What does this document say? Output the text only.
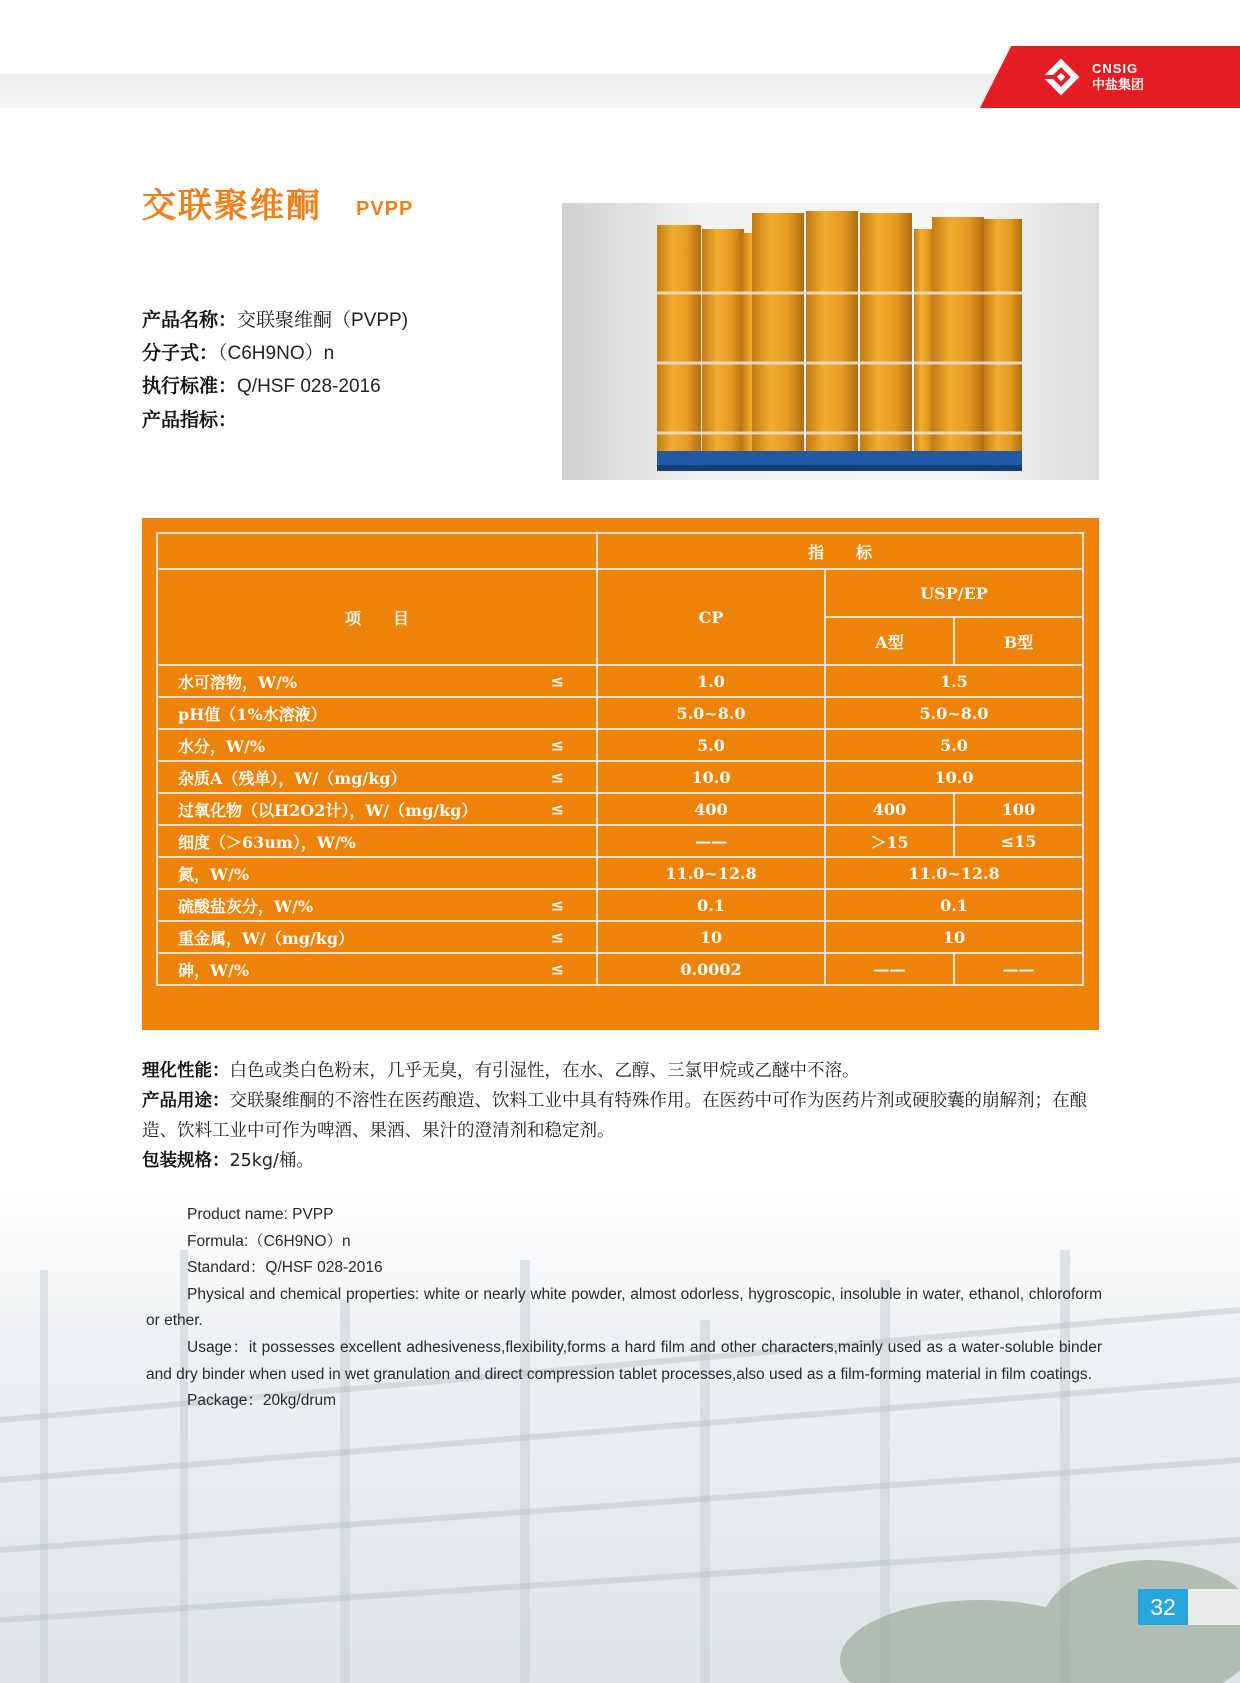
CNSIG
中盐集团
交联聚维酮 PVPP
产品名称：交联聚维酮（PVPP)
分子式：（C6H9NO）n
执行标准：Q/HSF 028-2016
产品指标：
	指　　标		
项　　目	CP	USP/EP	
		A型	B型
水可溶物，W/% ≤	1.0	1.5	
pH值（1%水溶液）	5.0~8.0	5.0~8.0	
水分，W/% ≤	5.0	5.0	
杂质A（残单），W/（mg/kg） ≤	10.0	10.0	
过氧化物（以H2O2计），W/（mg/kg） ≤	400	400	100
细度（＞63um），W/%	——	＞15	≤15
氮，W/%	11.0~12.8	11.0~12.8	
硫酸盐灰分，W/% ≤	0.1	0.1	
重金属，W/（mg/kg） ≤	10	10	
砷，W/% ≤	0.0002	——	——
理化性能：白色或类白色粉末，几乎无臭，有引湿性，在水、乙醇、三氯甲烷或乙醚中不溶。
产品用途：交联聚维酮的不溶性在医药酿造、饮料工业中具有特殊作用。在医药中可作为医药片剂或硬胶囊的崩解剂；在酿造、饮料工业中可作为啤酒、果酒、果汁的澄清剂和稳定剂。
包装规格：25kg/桶。

Product name: PVPP

Formula:（C6H9NO）n

Standard：Q/HSF 028-2016

Physical and chemical properties: white or nearly white powder, almost odorless, hygroscopic, insoluble in water, ethanol, chloroform or ether.

Usage：it possesses excellent adhesiveness,flexibility,forms a hard film and other characters,mainly used as a water-soluble binder and dry binder when used in wet granulation and direct compression tablet processes,also used as a film-forming material in film coatings.

Package：20kg/drum

32
